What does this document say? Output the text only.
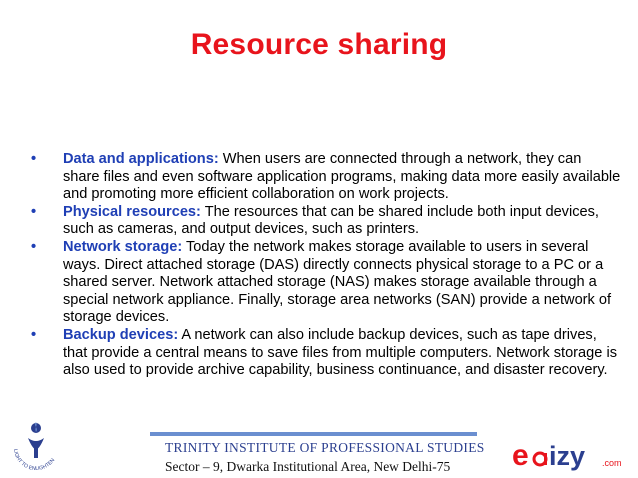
Resource sharing
• Data and applications: When users are connected through a network, they can share files and even software application programs, making data more easily available and promoting more efficient collaboration on work projects.
• Physical resources: The resources that can be shared include both input devices, such as cameras, and output devices, such as printers.
• Network storage: Today the network makes storage available to users in several ways. Direct attached storage (DAS) directly connects physical storage to a PC or a shared server. Network attached storage (NAS) makes storage available through a special network appliance. Finally, storage area networks (SAN) provide a network of storage devices.
• Backup devices: A network can also include backup devices, such as tape drives, that provide a central means to save files from multiple computers. Network storage is also used to provide archive capability, business continuance, and disaster recovery.
TRINITY INSTITUTE OF PROFESSIONAL STUDIES
Sector – 9, Dwarka Institutional Area, New Delhi-75
LIGHT TO ENLIGHTEN	e izy .com
